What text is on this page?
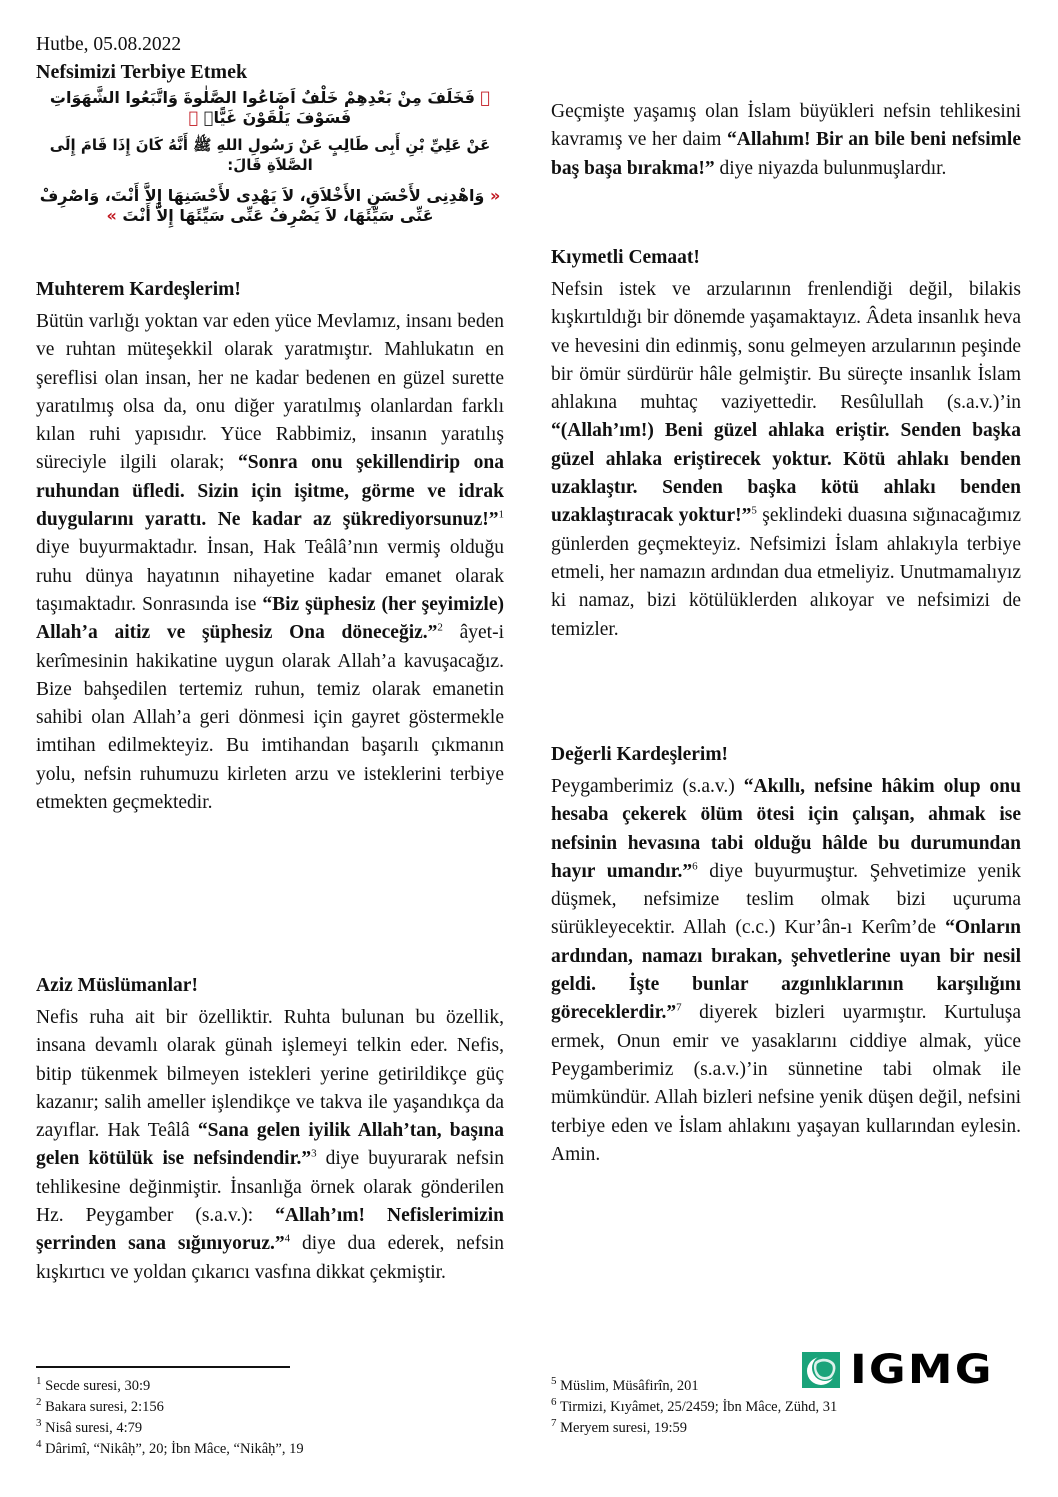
Hutbe, 05.08.2022
Nefsimizi Terbiye Etmek
﴾ فَخَلَفَ مِنْ بَعْدِهِمْ خَلْفٌ اَضَاعُوا الصَّلٰوةَ وَاتَّبَعُوا الشَّهَوَاتِ فَسَوْفَ يَلْقَوْنَ غَيًّاۙ ﴿
عَنْ عَلِيِّ بْنِ أَبِى طَالِبٍ عَنْ رَسُولِ اللهِ ﷺ أَنَّهُ كَانَ إِذَا قَامَ إِلَى الصَّلاَةِ قَالَ:
« وَاهْدِنِى لأَحْسَنِ الأَخْلاَقِ، لاَ يَهْدِى لأَحْسَنِهَا إِلاَّ أَنْتَ، وَاصْرِفْ عَنِّى سَيِّئَهَا، لاَ يَصْرِفُ عَنِّى سَيِّئَهَا إِلاَّ أَنْتَ »
Muhterem Kardeşlerim!

Bütün varlığı yoktan var eden yüce Mevlamız, insanı beden ve ruhtan müteşekkil olarak yaratmıştır. Mahlukatın en şereflisi olan insan, her ne kadar bedenen en güzel surette yaratılmış olsa da, onu diğer yaratılmış olanlardan farklı kılan ruhi yapısıdır. Yüce Rabbimiz, insanın yaratılış süreciyle ilgili olarak; “Sonra onu şekillendirip ona ruhundan üfledi. Sizin için işitme, görme ve idrak duygularını yarattı. Ne kadar az şükrediyorsunuz!”$^1$ diye buyurmaktadır. İnsan, Hak Teâlâ’nın vermiş olduğu ruhu dünya hayatının nihayetine kadar emanet olarak taşımaktadır. Sonrasında ise “Biz şüphesiz (her şeyimizle) Allah’a aitiz ve şüphesiz Ona döneceğiz.”$^2$ âyet-i kerîmesinin hakikatine uygun olarak Allah’a kavuşacağız. Bize bahşedilen tertemiz ruhun, temiz olarak emanetin sahibi olan Allah’a geri dönmesi için gayret göstermekle imtihan edilmekteyiz. Bu imtihandan başarılı çıkmanın yolu, nefsin ruhumuzu kirleten arzu ve isteklerini terbiye etmekten geçmektedir.

Aziz Müslümanlar!

Nefis ruha ait bir özelliktir. Ruhta bulunan bu özellik, insana devamlı olarak günah işlemeyi telkin eder. Nefis, bitip tükenmek bilmeyen istekleri yerine getirildikçe güç kazanır; salih ameller işlendikçe ve takva ile yaşandıkça da zayıflar. Hak Teâlâ “Sana gelen iyilik Allah’tan, başına gelen kötülük ise nefsindendir.”$^3$ diye buyurarak nefsin tehlikesine değinmiştir. İnsanlığa örnek olarak gönderilen Hz. Peygamber (s.a.v.): “Allah’ım! Nefislerimizin şerrinden sana sığınıyoruz.”$^4$ diye dua ederek, nefsin kışkırtıcı ve yoldan çıkarıcı vasfına dikkat çekmiştir.

Geçmişte yaşamış olan İslam büyükleri nefsin tehlikesini kavramış ve her daim “Allahım! Bir an bile beni nefsimle baş başa bırakma!” diye niyazda bulunmuşlardır.

Kıymetli Cemaat!

Nefsin istek ve arzularının frenlendiği değil, bilakis kışkırtıldığı bir dönemde yaşamaktayız. Âdeta insanlık heva ve hevesini din edinmiş, sonu gelmeyen arzularının peşinde bir ömür sürdürür hâle gelmiştir. Bu süreçte insanlık İslam ahlakına muhtaç vaziyettedir. Resûlullah (s.a.v.)’in “(Allah’ım!) Beni güzel ahlaka eriştir. Senden başka güzel ahlaka eriştirecek yoktur. Kötü ahlakı benden uzaklaştır. Senden başka kötü ahlakı benden uzaklaştıracak yoktur!”$^5$ şeklindeki duasına sığınacağımız günlerden geçmekteyiz. Nefsimizi İslam ahlakıyla terbiye etmeli, her namazın ardından dua etmeliyiz. Unutmamalıyız ki namaz, bizi kötülüklerden alıkoyar ve nefsimizi de temizler.

Değerli Kardeşlerim!

Peygamberimiz (s.a.v.) “Akıllı, nefsine hâkim olup onu hesaba çekerek ölüm ötesi için çalışan, ahmak ise nefsinin hevasına tabi olduğu hâlde bu durumundan hayır umandır.”$^6$ diye buyurmuştur. Şehvetimize yenik düşmek, nefsimize teslim olmak bizi uçuruma sürükleyecektir. Allah (c.c.) Kur’ân-ı Kerîm’de “Onların ardından, namazı bırakan, şehvetlerine uyan bir nesil geldi. İşte bunlar azgınlıklarının karşılığını göreceklerdir.”$^7$ diyerek bizleri uyarmıştır. Kurtuluşa ermek, Onun emir ve yasaklarını ciddiye almak, yüce Peygamberimiz (s.a.v.)’in sünnetine tabi olmak ile mümkündür. Allah bizleri nefsine yenik düşen değil, nefsini terbiye eden ve İslam ahlakını yaşayan kullarından eylesin. Amin.

$^1$ Secde suresi, 30:9
$^2$ Bakara suresi, 2:156
$^3$ Nisâ suresi, 4:79
$^4$ Dârimî, “Nikâḥ”, 20; İbn Mâce, “Nikâḥ”, 19
$^5$ Müslim, Müsâfirîn, 201
$^6$ Tirmizi, Kıyâmet, 25/2459; İbn Mâce, Zühd, 31
$^7$ Meryem suresi, 19:59
IGMG
